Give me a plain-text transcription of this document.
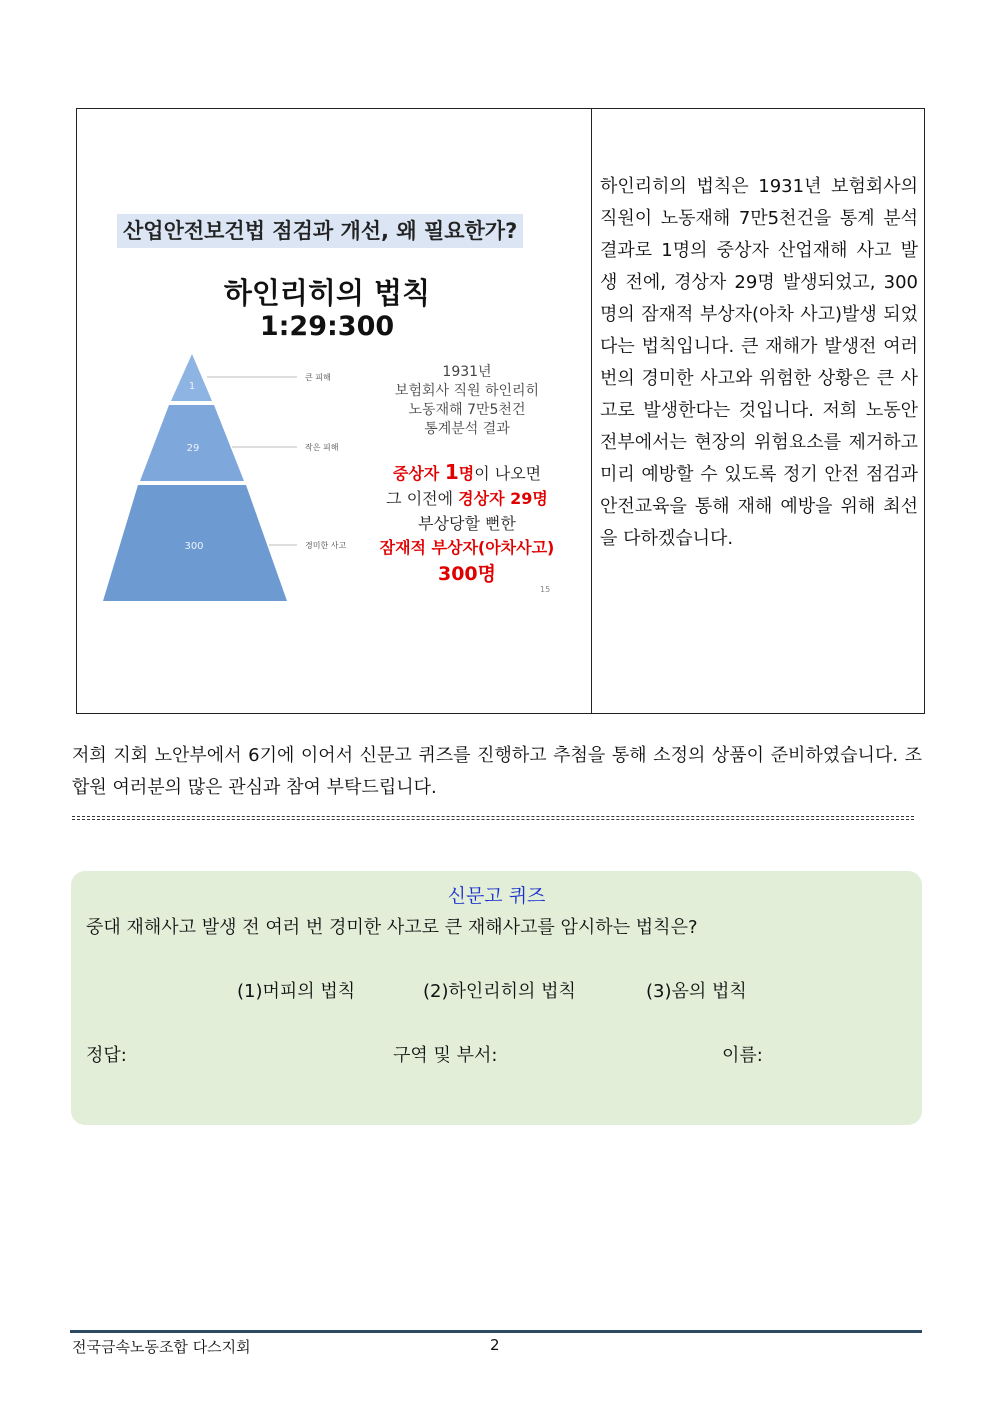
산업안전보건법 점검과 개선, 왜 필요한가?
하인리히의 법칙
1:29:300
1
29
300
큰 피해
작은 피해
경미한 사고
1931년
보험회사 직원 하인리히
노동재해 7만5천건
통계분석 결과
중상자 1명이 나오면
그 이전에 경상자 29명
부상당할 뻔한
잠재적 부상자(아차사고)
300명
15
하인리히의 법칙은 1931년 보험회사의 직원이 노동재해 7만5천건을 통계 분석결과로 1명의 중상자 산업재해 사고 발생 전에, 경상자 29명 발생되었고, 300명의 잠재적 부상자(아차 사고)발생 되었다는 법칙입니다. 큰 재해가 발생전 여러번의 경미한 사고와 위험한 상황은 큰 사고로 발생한다는 것입니다. 저희 노동안전부에서는 현장의 위험요소를 제거하고 미리 예방할 수 있도록 정기 안전 점검과 안전교육을 통해 재해 예방을 위해 최선을 다하겠습니다.
저희 지회 노안부에서 6기에 이어서 신문고 퀴즈를 진행하고 추첨을 통해 소정의 상품이 준비하였습니다. 조합원 여러분의 많은 관심과 참여 부탁드립니다.
신문고 퀴즈
중대 재해사고 발생 전 여러 번 경미한 사고로 큰 재해사고를 암시하는 법칙은?
(1)머피의 법칙	(2)하인리히의 법칙	(3)옴의 법칙
정답:	구역 및 부서:	이름:
전국금속노동조합 다스지회	2
